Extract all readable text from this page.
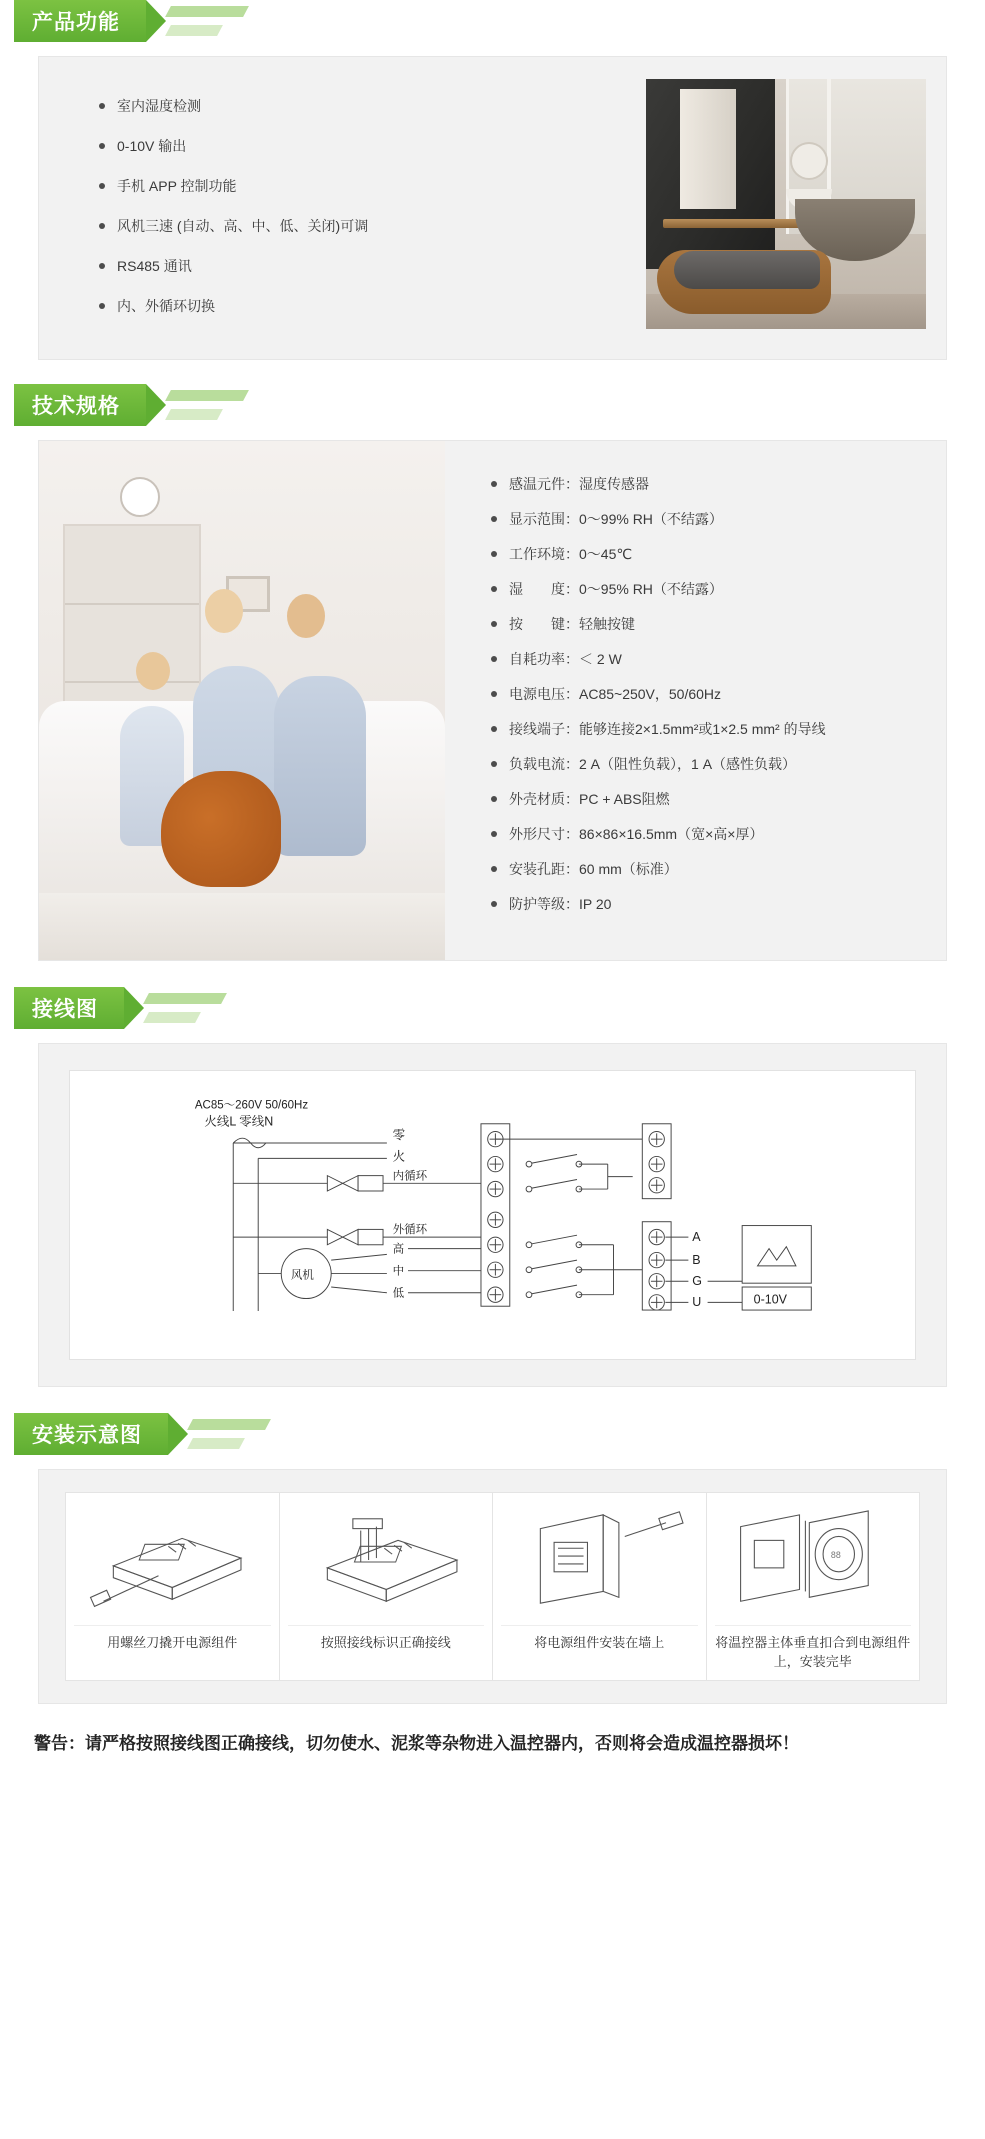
产品功能
室内湿度检测
0-10V 输出
手机 APP 控制功能
风机三速 (自动、高、中、低、关闭)可调
RS485 通讯
内、外循环切换
技术规格
感温元件：湿度传感器
显示范围：0～99% RH（不结露）
工作环境：0～45℃
湿　　度：0～95% RH（不结露）
按　　键：轻触按键
自耗功率：＜ 2 W
电源电压：AC85~250V，50/60Hz
接线端子：能够连接2×1.5mm²或1×2.5 mm² 的导线
负载电流：2 A（阻性负载），1 A（感性负载）
外壳材质：PC + ABS阻燃
外形尺寸：86×86×16.5mm（宽×高×厚）
安装孔距：60 mm（标准）
防护等级：IP 20
接线图
AC85～260V 50/60Hz
火线L 零线N
零
火
内循环
外循环
风机
高
中
低
A
B
G
U	0-10V
安装示意图
用螺丝刀撬开电源组件	按照接线标识正确接线	将电源组件安装在墙上
88
将温控器主体垂直扣合到电源组件上，安装完毕
警告：请严格按照接线图正确接线，切勿使水、泥浆等杂物进入温控器内，否则将会造成温控器损坏！
